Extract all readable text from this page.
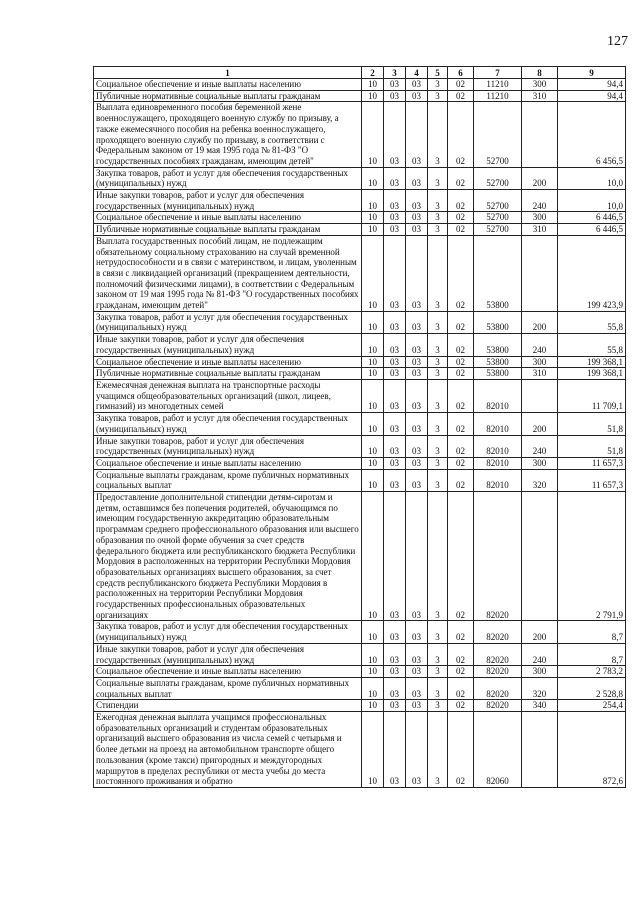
127
1	2	3	4	5	6	7	8	9
Социальное обеспечение и иные выплаты населению	10	03	03	3	02	11210	300	94,4
Публичные нормативные социальные выплаты гражданам	10	03	03	3	02	11210	310	94,4
Выплата единовременного пособия беременной жене военнослужащего, проходящего военную службу по призыву, а также ежемесячного пособия на ребенка военнослужащего, проходящего военную службу по призыву, в соответствии с Федеральным законом от 19 мая 1995 года № 81-ФЗ "О государственных пособиях гражданам, имеющим детей"	10	03	03	3	02	52700		6 456,5
Закупка товаров, работ и услуг для обеспечения государственных (муниципальных) нужд	10	03	03	3	02	52700	200	10,0
Иные закупки товаров, работ и услуг для обеспечения государственных (муниципальных) нужд	10	03	03	3	02	52700	240	10,0
Социальное обеспечение и иные выплаты населению	10	03	03	3	02	52700	300	6 446,5
Публичные нормативные социальные выплаты гражданам	10	03	03	3	02	52700	310	6 446,5
Выплата государственных пособий лицам, не подлежащим обязательному социальному страхованию на случай временной нетрудоспособности и в связи с материнством, и лицам, уволенным в связи с ликвидацией организаций (прекращением деятельности, полномочий физическими лицами), в соответствии с Федеральным законом от 19 мая 1995 года № 81-ФЗ "О государственных пособиях гражданам, имеющим детей"	10	03	03	3	02	53800		199 423,9
Закупка товаров, работ и услуг для обеспечения государственных (муниципальных) нужд	10	03	03	3	02	53800	200	55,8
Иные закупки товаров, работ и услуг для обеспечения государственных (муниципальных) нужд	10	03	03	3	02	53800	240	55,8
Социальное обеспечение и иные выплаты населению	10	03	03	3	02	53800	300	199 368,1
Публичные нормативные социальные выплаты гражданам	10	03	03	3	02	53800	310	199 368,1
Ежемесячная денежная выплата на транспортные расходы учащимся общеобразовательных организаций (школ, лицеев, гимназий) из многодетных семей	10	03	03	3	02	82010		11 709,1
Закупка товаров, работ и услуг для обеспечения государственных (муниципальных) нужд	10	03	03	3	02	82010	200	51,8
Иные закупки товаров, работ и услуг для обеспечения государственных (муниципальных) нужд	10	03	03	3	02	82010	240	51,8
Социальное обеспечение и иные выплаты населению	10	03	03	3	02	82010	300	11 657,3
Социальные выплаты гражданам, кроме публичных нормативных социальных выплат	10	03	03	3	02	82010	320	11 657,3
Предоставление дополнительной стипендии детям-сиротам и детям, оставшимся без попечения родителей, обучающимся по имеющим государственную аккредитацию образовательным программам среднего профессионального образования или высшего образования по очной форме обучения за счет средств федерального бюджета или республиканского бюджета Республики Мордовия в расположенных на территории Республики Мордовия образовательных организациях высшего образования, за счет средств республиканского бюджета Республики Мордовия в расположенных на территории Республики Мордовия государственных профессиональных образовательных организациях	10	03	03	3	02	82020		2 791,9
Закупка товаров, работ и услуг для обеспечения государственных (муниципальных) нужд	10	03	03	3	02	82020	200	8,7
Иные закупки товаров, работ и услуг для обеспечения государственных (муниципальных) нужд	10	03	03	3	02	82020	240	8,7
Социальное обеспечение и иные выплаты населению	10	03	03	3	02	82020	300	2 783,2
Социальные выплаты гражданам, кроме публичных нормативных социальных выплат	10	03	03	3	02	82020	320	2 528,8
Стипендии	10	03	03	3	02	82020	340	254,4
Ежегодная денежная выплата учащимся профессиональных образовательных организаций и студентам образовательных организаций высшего образования из числа семей с четырьмя и более детьми на проезд на автомобильном транспорте общего пользования (кроме такси) пригородных и междугородных маршрутов в пределах республики от места учебы до места постоянного проживания и обратно	10	03	03	3	02	82060		872,6
